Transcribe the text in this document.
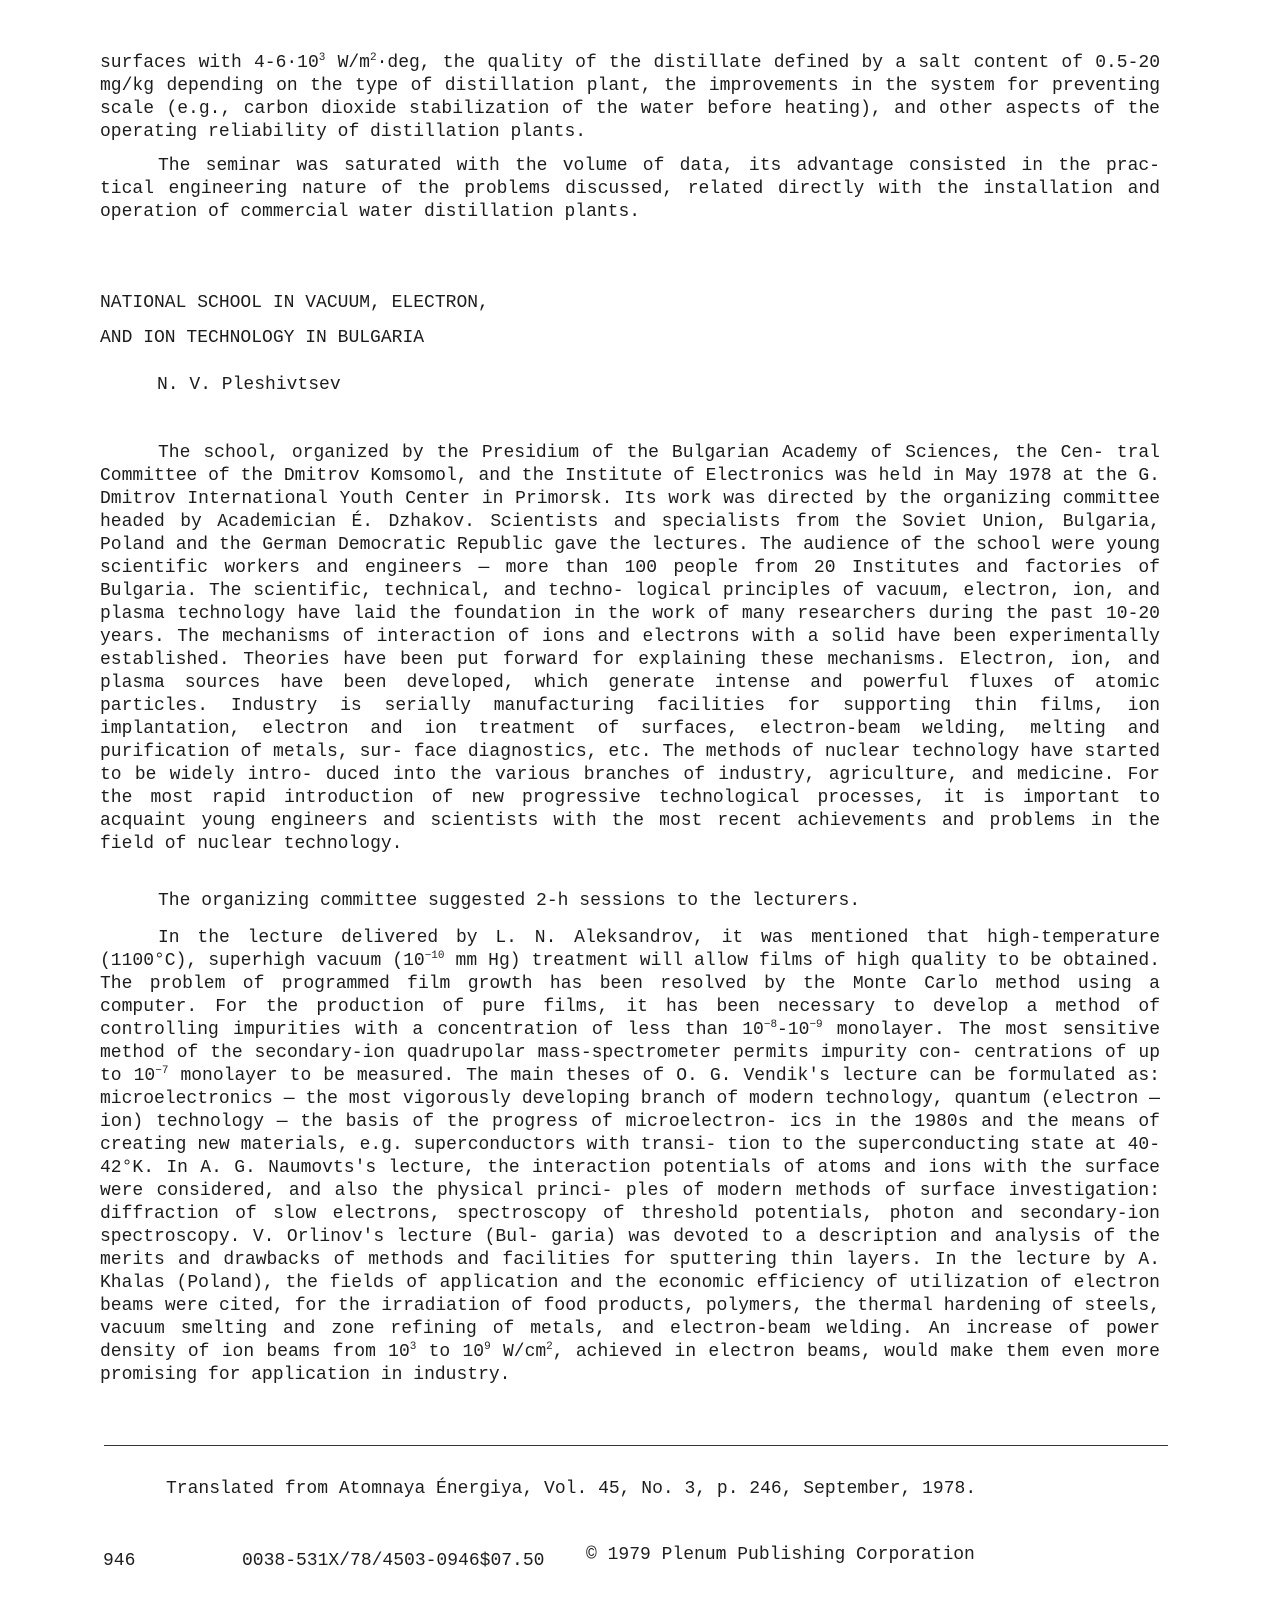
surfaces with $4-6\cdot 10^3$ $W/m^2\cdot deg$, the quality of the distillate defined by a salt content of 0.5-20 mg/kg depending on the type of distillation plant, the improvements in the system for preventing scale (e.g., carbon dioxide stabilization of the water before heating), and other aspects of the operating reliability of distillation plants.

The seminar was saturated with the volume of data, its advantage consisted in the prac- tical engineering nature of the problems discussed, related directly with the installation and operation of commercial water distillation plants.

NATIONAL SCHOOL IN VACUUM, ELECTRON,

AND ION TECHNOLOGY IN BULGARIA

N. V. Pleshivtsev

The school, organized by the Presidium of the Bulgarian Academy of Sciences, the Cen- tral Committee of the Dmitrov Komsomol, and the Institute of Electronics was held in May 1978 at the G. Dmitrov International Youth Center in Primorsk. Its work was directed by the organizing committee headed by Academician É. Dzhakov. Scientists and specialists from the Soviet Union, Bulgaria, Poland and the German Democratic Republic gave the lectures. The audience of the school were young scientific workers and engineers — more than 100 people from 20 Institutes and factories of Bulgaria. The scientific, technical, and techno- logical principles of vacuum, electron, ion, and plasma technology have laid the foundation in the work of many researchers during the past 10-20 years. The mechanisms of interaction of ions and electrons with a solid have been experimentally established. Theories have been put forward for explaining these mechanisms. Electron, ion, and plasma sources have been developed, which generate intense and powerful fluxes of atomic particles. Industry is serially manufacturing facilities for supporting thin films, ion implantation, electron and ion treatment of surfaces, electron-beam welding, melting and purification of metals, sur- face diagnostics, etc. The methods of nuclear technology have started to be widely intro- duced into the various branches of industry, agriculture, and medicine. For the most rapid introduction of new progressive technological processes, it is important to acquaint young engineers and scientists with the most recent achievements and problems in the field of nuclear technology.

The organizing committee suggested 2-h sessions to the lecturers.

In the lecture delivered by L. N. Aleksandrov, it was mentioned that high-temperature (1100°C), superhigh vacuum ($10^{-10}$ mm Hg) treatment will allow films of high quality to be obtained. The problem of programmed film growth has been resolved by the Monte Carlo method using a computer. For the production of pure films, it has been necessary to develop a method of controlling impurities with a concentration of less than $10^{-8}-10^{-9}$ monolayer. The most sensitive method of the secondary-ion quadrupolar mass-spectrometer permits impurity con- centrations of up to $10^{-7}$ monolayer to be measured. The main theses of O. G. Vendik's lecture can be formulated as: microelectronics — the most vigorously developing branch of modern technology, quantum (electron — ion) technology — the basis of the progress of microelectron- ics in the 1980s and the means of creating new materials, e.g. superconductors with transi- tion to the superconducting state at 40-42°K. In A. G. Naumovts's lecture, the interaction potentials of atoms and ions with the surface were considered, and also the physical princi- ples of modern methods of surface investigation: diffraction of slow electrons, spectroscopy of threshold potentials, photon and secondary-ion spectroscopy. V. Orlinov's lecture (Bul- garia) was devoted to a description and analysis of the merits and drawbacks of methods and facilities for sputtering thin layers. In the lecture by A. Khalas (Poland), the fields of application and the economic efficiency of utilization of electron beams were cited, for the irradiation of food products, polymers, the thermal hardening of steels, vacuum smelting and zone refining of metals, and electron-beam welding. An increase of power density of ion beams from $10^3$ to $10^9$ $W/cm^2$, achieved in electron beams, would make them even more promising for application in industry.

Translated from Atomnaya Énergiya, Vol. 45, No. 3, p. 246, September, 1978.

946	0038-531X/78/4503-0946$07.50 © 1979 Plenum Publishing Corporation
